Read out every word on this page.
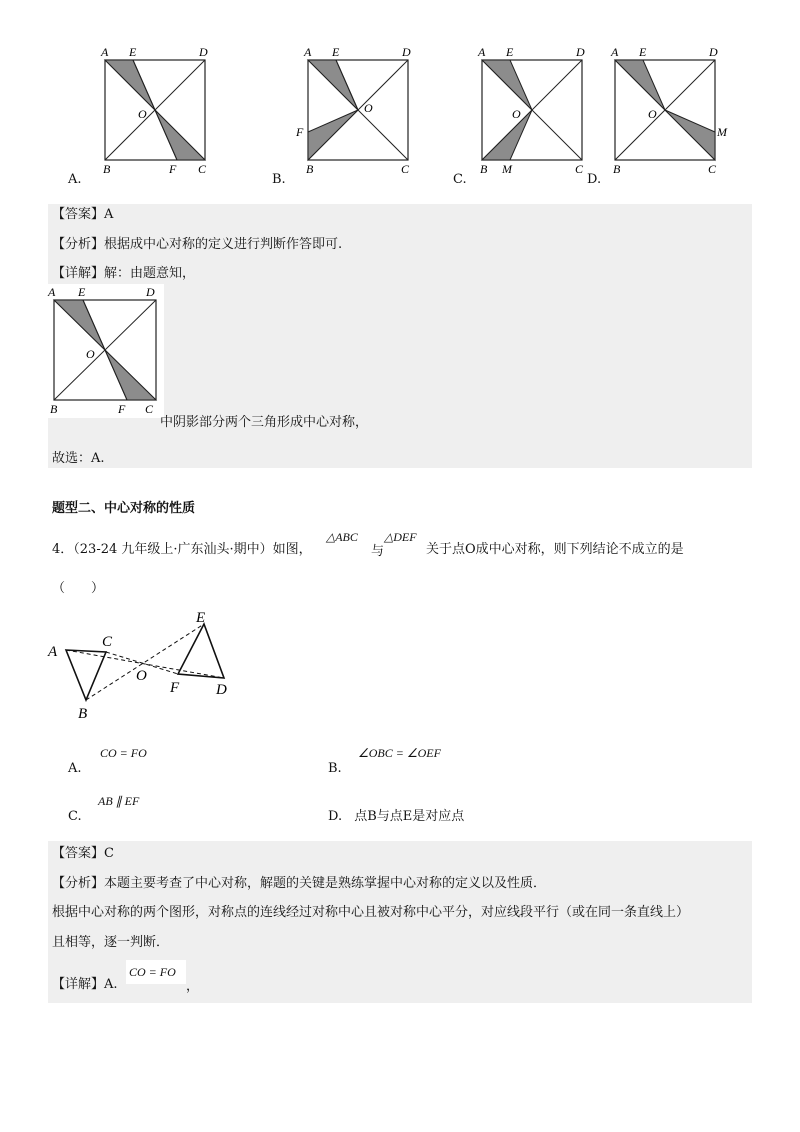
A E	D
O
B	F C
A E	D
O
F
B	C
A E	D
O
B M	C
A E	D
O
M
B	C
A.	B.	C.	D.
【答案】A
【分析】根据成中心对称的定义进行判断作答即可.
【详解】解：由题意知，
A E	D
O
B	F C
中阴影部分两个三角形成中心对称，
故选：A.
题型二、中心对称的性质
4．（23-24 九年级上·广东汕头·期中）如图，
△ABC
与
△DEF
关于点O成中心对称，则下列结论不成立的是
（　　）
A
C
E
O
F D
B
A.
CO = FO
B.
∠OBC = ∠OEF
C.
AB ∥ EF
D. 点B与点E是对应点
【答案】C
【分析】本题主要考查了中心对称，解题的关键是熟练掌握中心对称的定义以及性质．
根据中心对称的两个图形，对称点的连线经过对称中心且被对称中心平分，对应线段平行（或在同一条直线上）
且相等，逐一判断．
【详解】A.
CO = FO
，
